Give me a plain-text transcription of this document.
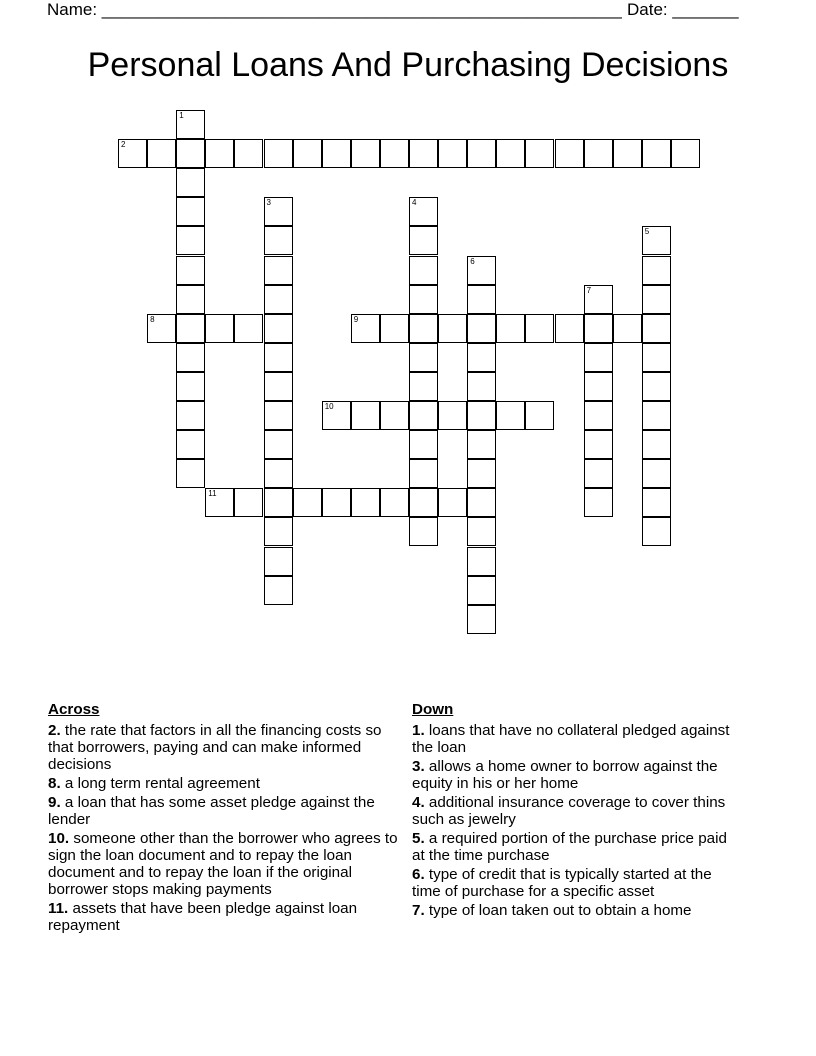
Name: _______________________________________________________ Date: _______
Personal Loans And Purchasing Decisions
1
2
3	4
5
6
7
8	9
10
11
Across
2. the rate that factors in all the financing costs so that borrowers, paying and can make informed decisions
8. a long term rental agreement
9. a loan that has some asset pledge against the lender
10. someone other than the borrower who agrees to sign the loan document and to repay the loan document and to repay the loan if the original borrower stops making payments
11. assets that have been pledge against loan repayment
Down
1. loans that have no collateral pledged against the loan
3. allows a home owner to borrow against the equity in his or her home
4. additional insurance coverage to cover thins such as jewelry
5. a required portion of the purchase price paid at the time purchase
6. type of credit that is typically started at the time of purchase for a specific asset
7. type of loan taken out to obtain a home
